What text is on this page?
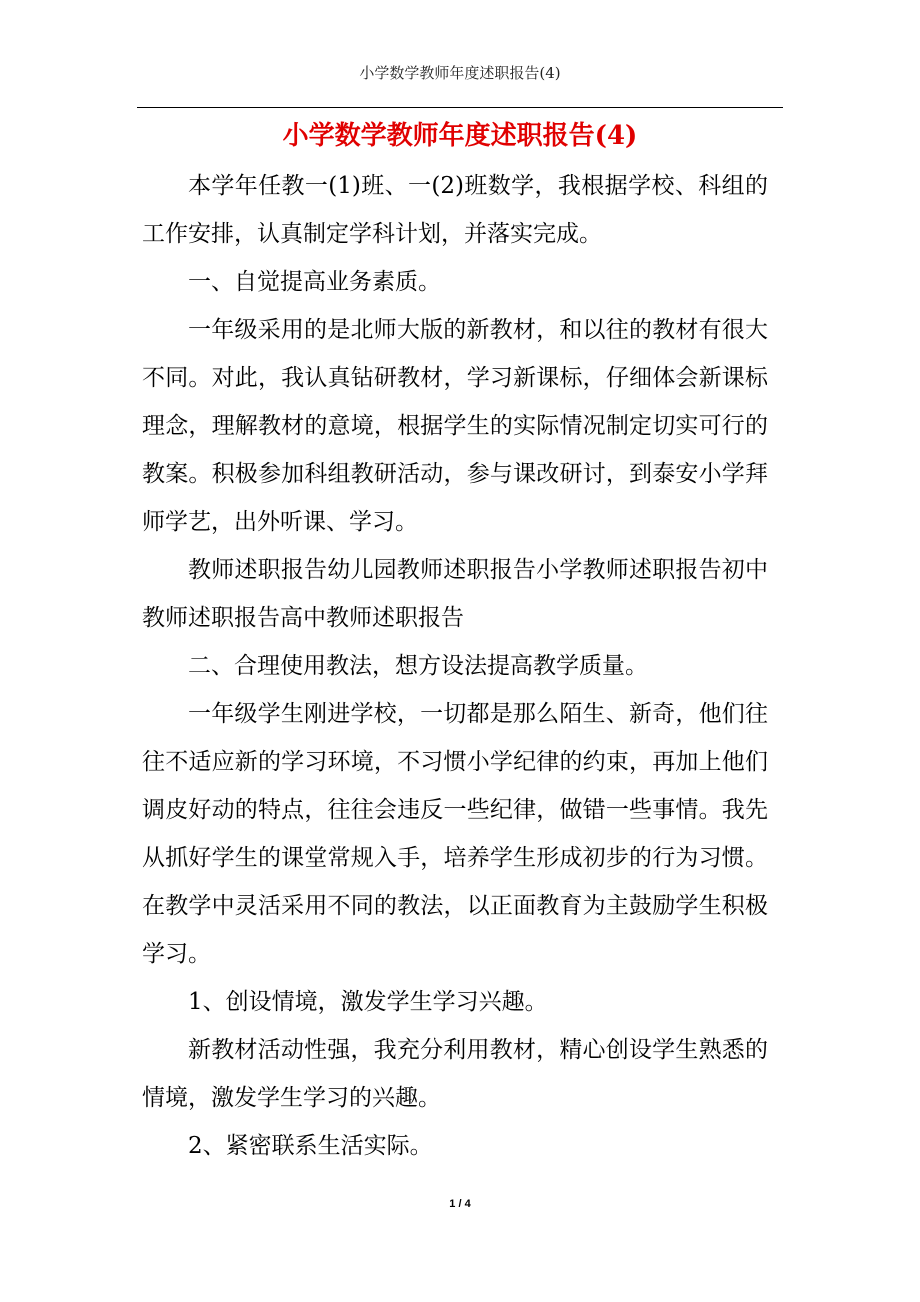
小学数学教师年度述职报告(4)
小学数学教师年度述职报告(4)

本学年任教一(1)班、一(2)班数学，我根据学校、科组的工作安排，认真制定学科计划，并落实完成。

一、自觉提高业务素质。

一年级采用的是北师大版的新教材，和以往的教材有很大不同。对此，我认真钻研教材，学习新课标，仔细体会新课标理念，理解教材的意境，根据学生的实际情况制定切实可行的教案。积极参加科组教研活动，参与课改研讨，到泰安小学拜师学艺，出外听课、学习。

教师述职报告幼儿园教师述职报告小学教师述职报告初中教师述职报告高中教师述职报告

二、合理使用教法，想方设法提高教学质量。

一年级学生刚进学校，一切都是那么陌生、新奇，他们往往不适应新的学习环境，不习惯小学纪律的约束，再加上他们调皮好动的特点，往往会违反一些纪律，做错一些事情。我先从抓好学生的课堂常规入手，培养学生形成初步的行为习惯。在教学中灵活采用不同的教法，以正面教育为主鼓励学生积极学习。

1、创设情境，激发学生学习兴趣。

新教材活动性强，我充分利用教材，精心创设学生熟悉的情境，激发学生学习的兴趣。

2、紧密联系生活实际。

1 / 4
